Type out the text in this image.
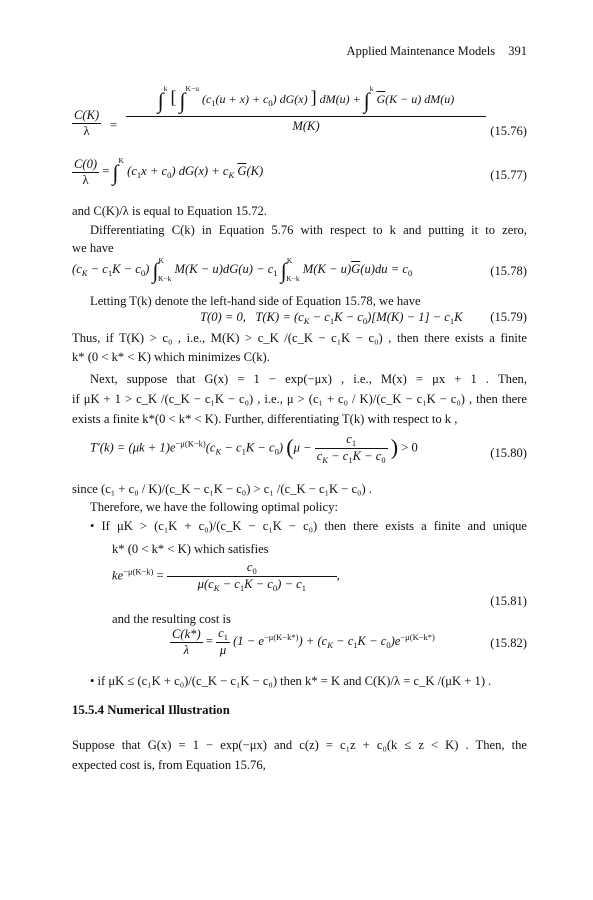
Applied Maintenance Models 391
$\frac{C(K)}{\lambda}$ =
∫$^k$ [ ∫$^{K-u}$ $(c_1(u + x) + c_0)$ dG(x) ] dM(u) + ∫$^k$ $\overline{G}(K - u)$ dM(u)
M(K)	(15.76)
$\frac{C(0)}{\lambda} = \int^K$ $(c_1x + c_0) dG(x) + c_K$ $\overline{G}(K)$	(15.77)
and C(K)/λ is equal to Equation 15.72.
Differentiating C(k) in Equation 5.76 with respect to k and putting it to zero,
we have
$(c_K - c_1K - c_0)$ ∫$^K_{K-k}$ $M(K - u)dG(u) - c_1$ ∫$^K_{K-k}$ $M(K - u)\overline{G}(u)du = c_0$	(15.78)
Letting T(k) denote the left-hand side of Equation 15.78, we have
T(0) = 0,   $T(K) = (c_K - c_1K - c_0)[M(K) - 1] - c_1K$ (15.79)
Thus, if T(K) > c₀ , i.e., M(K) > c_K /(c_K − c₁K − c₀) , then there exists a finite
k* (0 < k* < K) which minimizes C(k).
Next, suppose that G(x) = 1 − exp(−μx) , i.e., M(x) = μx + 1 . Then,
if μK + 1 > c_K /(c_K − c₁K − c₀) , i.e., μ > (c₁ + c₀ / K)/(c_K − c₁K − c₀) , then there
exists a finite k*(0 < k* < K). Further, differentiating T(k) with respect to k ,
$T'(k) = (\mu k + 1)e^{-\mu(K-k)}(c_K - c_1K - c_0)$ ($\mu - \frac{c_1}{c_K - c_1K - c_0}$ ) > 0	(15.80)
since (c₁ + c₀ / K)/(c_K − c₁K − c₀) > c₁ /(c_K − c₁K − c₀) .
Therefore, we have the following optimal policy:
• If μK > (c₁K + c₀)/(c_K − c₁K − c₀) then there exists a finite and unique
k* (0 < k* < K) which satisfies
$ke^{-\mu(K-k)} = \frac{c_0}{\mu(c_K - c_1K - c_0) - c_1}$ ,
(15.81)
and the resulting cost is
$\frac{C(k*)}{\lambda} = \frac{c_1}{\mu} (1 - e^{-\mu(K-k*)}) + (c_K - c_1K - c_0)e^{-\mu(K-k*)}$	(15.82)
• if μK ≤ (c₁K + c₀)/(c_K − c₁K − c₀) then k* = K and C(K)/λ = c_K /(μK + 1) .
15.5.4 Numerical Illustration
Suppose that G(x) = 1 − exp(−μx) and c(z) = c₁z + c₀(k ≤ z < K) . Then, the
expected cost is, from Equation 15.76,
